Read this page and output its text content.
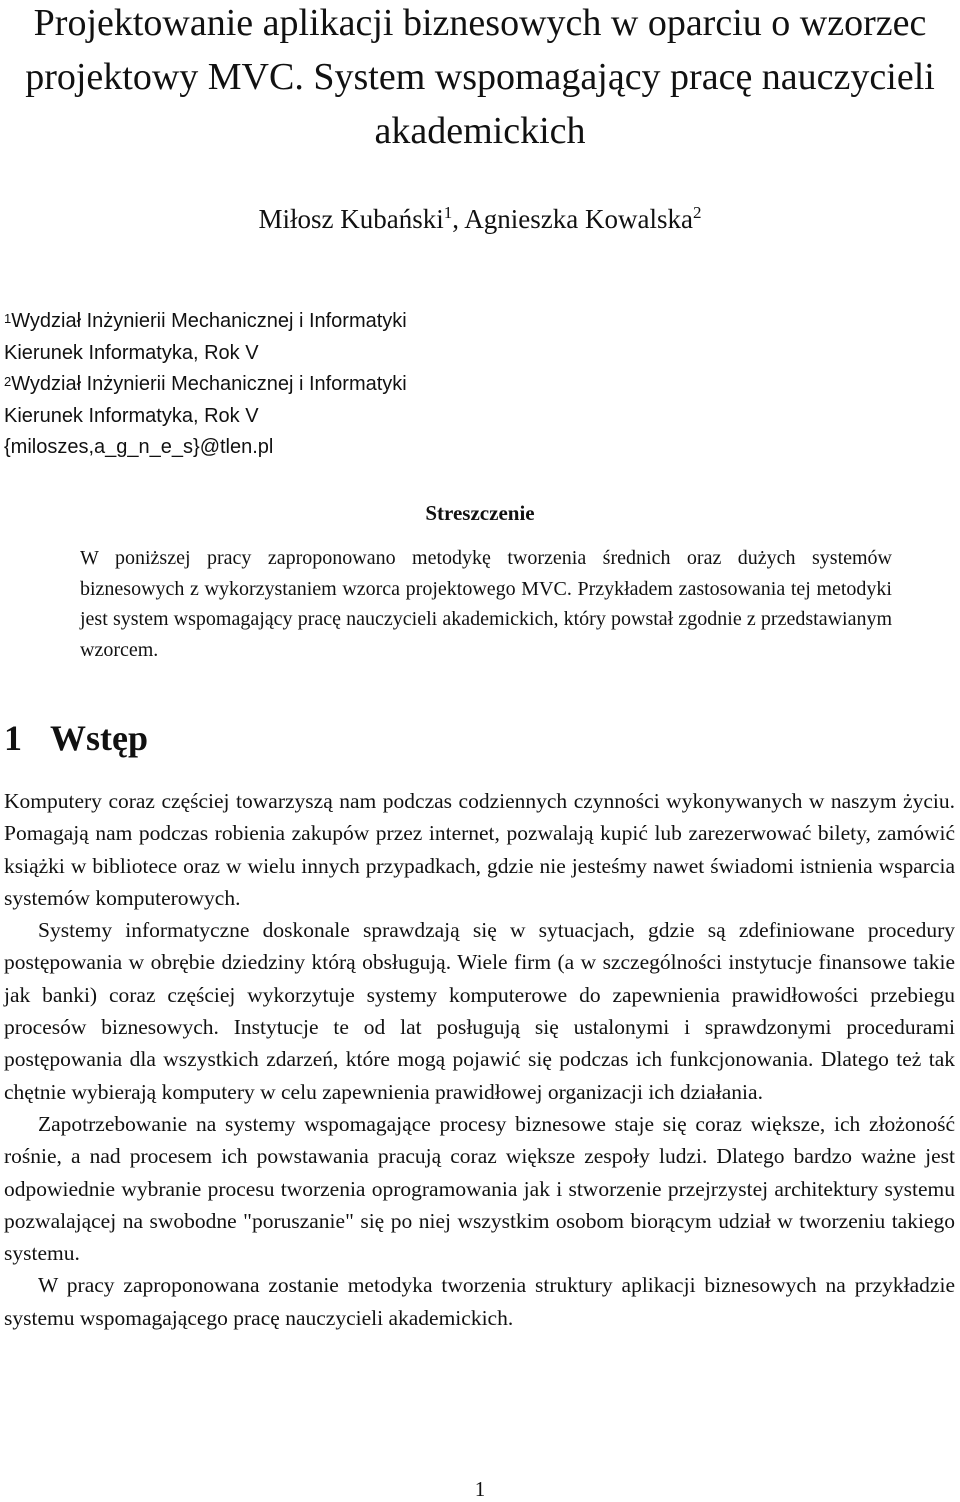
Projektowanie aplikacji biznesowych w oparciu o wzorzec projektowy MVC. System wspomagający pracę nauczycieli akademickich
Miłosz Kubański$^1$, Agnieszka Kowalska$^2$
$^1$Wydział Inżynierii Mechanicznej i Informatyki
Kierunek Informatyka, Rok V
$^2$Wydział Inżynierii Mechanicznej i Informatyki
Kierunek Informatyka, Rok V
{miloszes,a_g_n_e_s}@tlen.pl
Streszczenie
W poniższej pracy zaproponowano metodykę tworzenia średnich oraz dużych systemów biznesowych z wykorzystaniem wzorca projektowego MVC. Przykładem zastosowania tej metodyki jest system wspomagający pracę nauczycieli akademickich, który powstał zgodnie z przedstawianym wzorcem.
1 Wstęp

Komputery coraz częściej towarzyszą nam podczas codziennych czynności wykonywanych w naszym życiu. Pomagają nam podczas robienia zakupów przez internet, pozwalają kupić lub zarezerwować bilety, zamówić książki w bibliotece oraz w wielu innych przypadkach, gdzie nie jesteśmy nawet świadomi istnienia wsparcia systemów komputerowych.

Systemy informatyczne doskonale sprawdzają się w sytuacjach, gdzie są zdefiniowane procedury postępowania w obrębie dziedziny którą obsługują. Wiele firm (a w szczególności instytucje finansowe takie jak banki) coraz częściej wykorzytuje systemy komputerowe do zapewnienia prawidłowości przebiegu procesów biznesowych. Instytucje te od lat posługują się ustalonymi i sprawdzonymi procedurami postępowania dla wszystkich zdarzeń, które mogą pojawić się podczas ich funkcjonowania. Dlatego też tak chętnie wybierają komputery w celu zapewnienia prawidłowej organizacji ich działania.

Zapotrzebowanie na systemy wspomagające procesy biznesowe staje się coraz większe, ich złożoność rośnie, a nad procesem ich powstawania pracują coraz większe zespoły ludzi. Dlatego bardzo ważne jest odpowiednie wybranie procesu tworzenia oprogramowania jak i stworzenie przejrzystej architektury systemu pozwalającej na swobodne "poruszanie" się po niej wszystkim osobom biorącym udział w tworzeniu takiego systemu.

W pracy zaproponowana zostanie metodyka tworzenia struktury aplikacji biznesowych na przykładzie systemu wspomagającego pracę nauczycieli akademickich.

1
